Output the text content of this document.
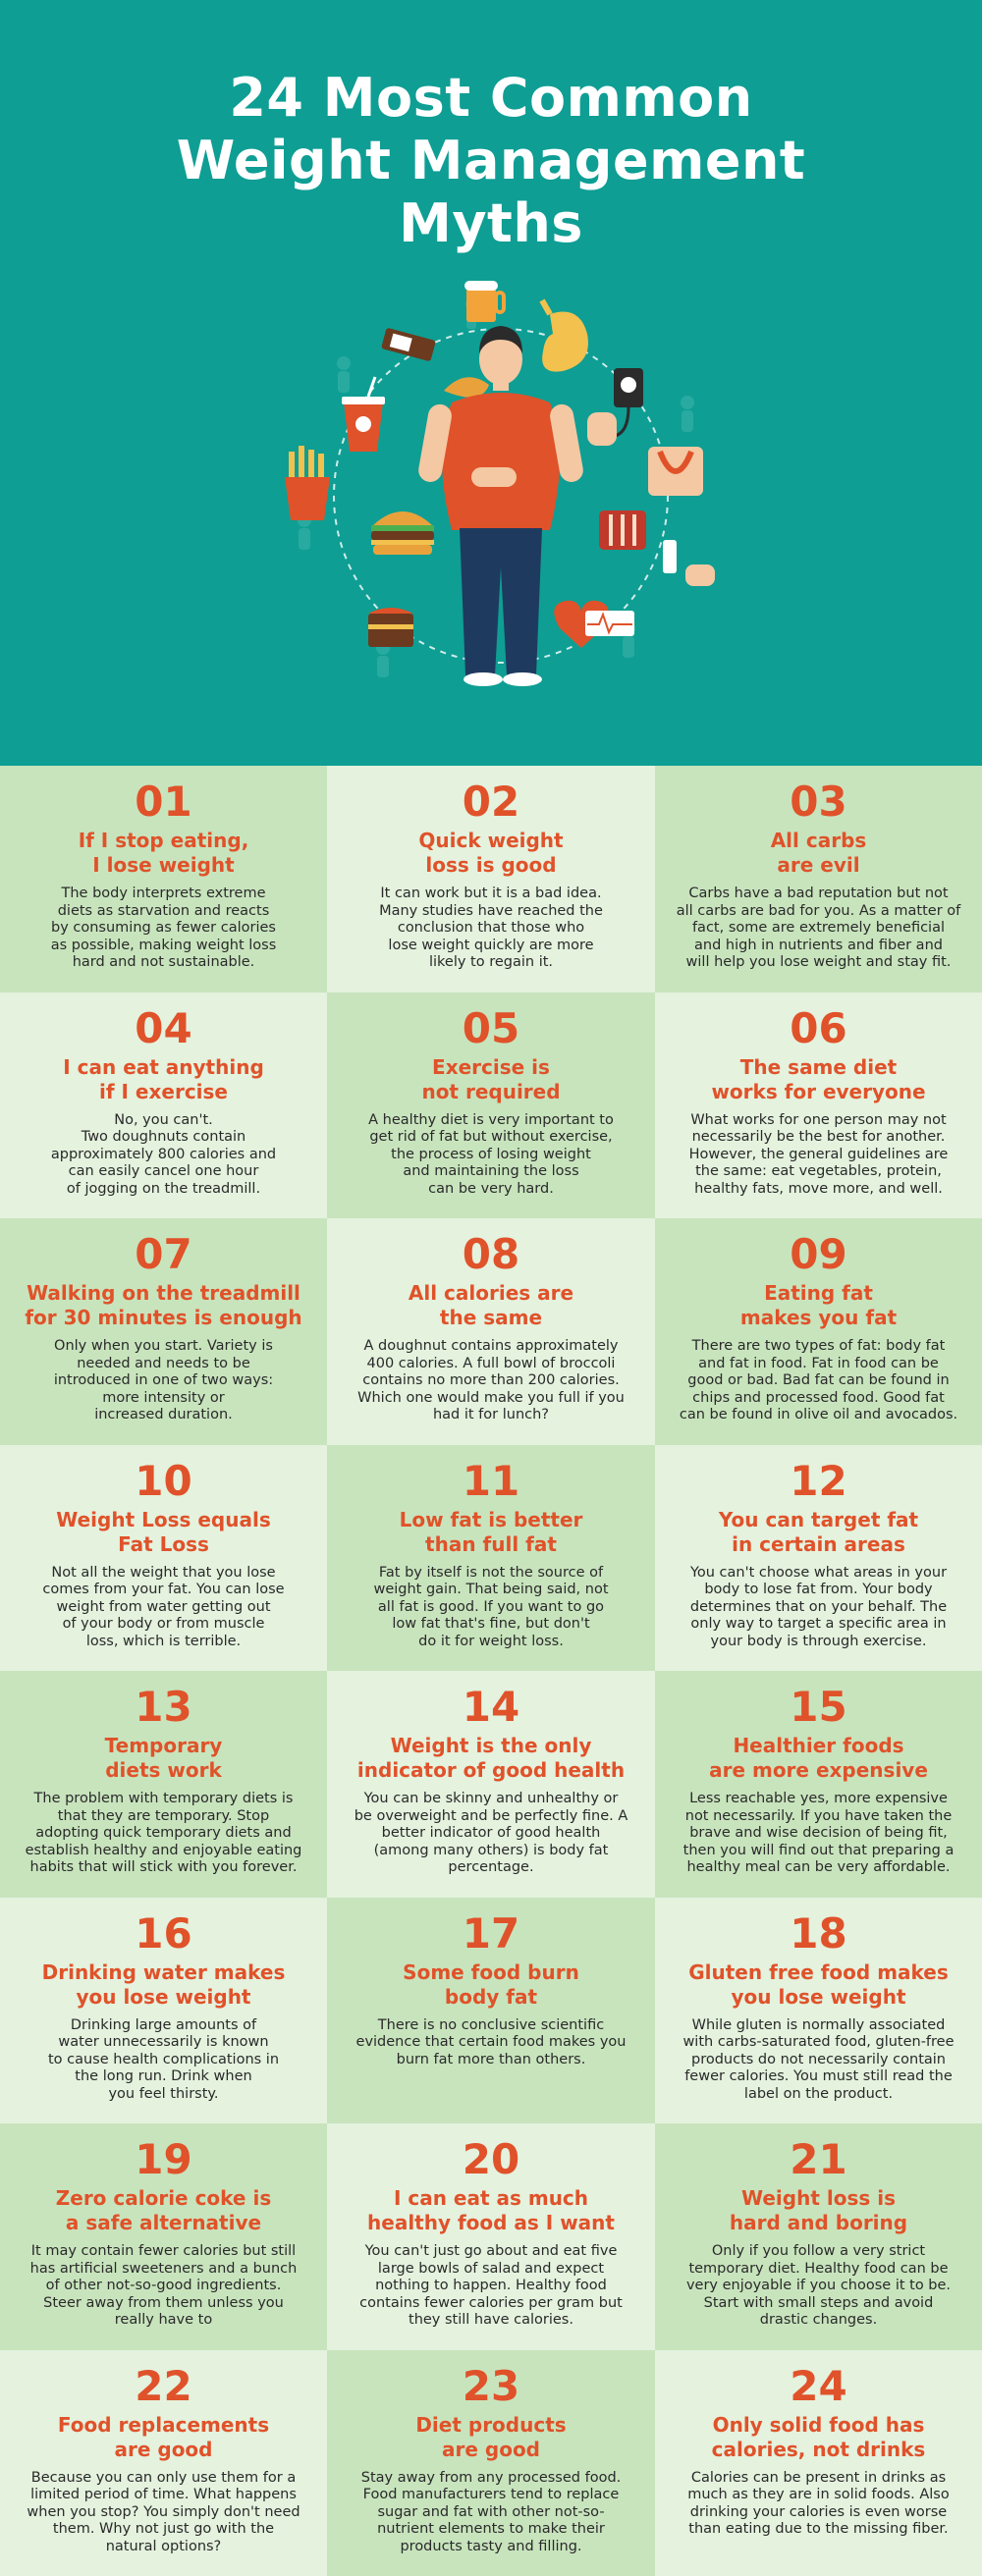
24 Most Common
Weight Management
Myths
01
If I stop eating,
I lose weight
The body interprets extreme
diets as starvation and reacts
by consuming as fewer calories
as possible, making weight loss
hard and not sustainable.
02
Quick weight
loss is good
It can work but it is a bad idea.
Many studies have reached the
conclusion that those who
lose weight quickly are more
likely to regain it.
03
All carbs
are evil
Carbs have a bad reputation but not
all carbs are bad for you. As a matter of
fact, some are extremely beneficial
and high in nutrients and fiber and
will help you lose weight and stay fit.
04
I can eat anything
if I exercise
No, you can't.
Two doughnuts contain
approximately 800 calories and
can easily cancel one hour
of jogging on the treadmill.
05
Exercise is
not required
A healthy diet is very important to
get rid of fat but without exercise,
the process of losing weight
and maintaining the loss
can be very hard.
06
The same diet
works for everyone
What works for one person may not
necessarily be the best for another.
However, the general guidelines are
the same: eat vegetables, protein,
healthy fats, move more, and well.
07
Walking on the treadmill
for 30 minutes is enough
Only when you start. Variety is
needed and needs to be
introduced in one of two ways:
more intensity or
increased duration.
08
All calories are
the same
A doughnut contains approximately
400 calories. A full bowl of broccoli
contains no more than 200 calories.
Which one would make you full if you
had it for lunch?
09
Eating fat
makes you fat
There are two types of fat: body fat
and fat in food. Fat in food can be
good or bad. Bad fat can be found in
chips and processed food. Good fat
can be found in olive oil and avocados.
10
Weight Loss equals
Fat Loss
Not all the weight that you lose
comes from your fat. You can lose
weight from water getting out
of your body or from muscle
loss, which is terrible.
11
Low fat is better
than full fat
Fat by itself is not the source of
weight gain. That being said, not
all fat is good. If you want to go
low fat that's fine, but don't
do it for weight loss.
12
You can target fat
in certain areas
You can't choose what areas in your
body to lose fat from. Your body
determines that on your behalf. The
only way to target a specific area in
your body is through exercise.
13
Temporary
diets work
The problem with temporary diets is
that they are temporary. Stop
adopting quick temporary diets and
establish healthy and enjoyable eating
habits that will stick with you forever.
14
Weight is the only
indicator of good health
You can be skinny and unhealthy or
be overweight and be perfectly fine. A
better indicator of good health
(among many others) is body fat
percentage.
15
Healthier foods
are more expensive
Less reachable yes, more expensive
not necessarily. If you have taken the
brave and wise decision of being fit,
then you will find out that preparing a
healthy meal can be very affordable.
16
Drinking water makes
you lose weight
Drinking large amounts of
water unnecessarily is known
to cause health complications in
the long run. Drink when
you feel thirsty.
17
Some food burn
body fat
There is no conclusive scientific
evidence that certain food makes you
burn fat more than others.
18
Gluten free food makes
you lose weight
While gluten is normally associated
with carbs-saturated food, gluten-free
products do not necessarily contain
fewer calories. You must still read the
label on the product.
19
Zero calorie coke is
a safe alternative
It may contain fewer calories but still
has artificial sweeteners and a bunch
of other not-so-good ingredients.
Steer away from them unless you
really have to
20
I can eat as much
healthy food as I want
You can't just go about and eat five
large bowls of salad and expect
nothing to happen. Healthy food
contains fewer calories per gram but
they still have calories.
21
Weight loss is
hard and boring
Only if you follow a very strict
temporary diet. Healthy food can be
very enjoyable if you choose it to be.
Start with small steps and avoid
drastic changes.
22
Food replacements
are good
Because you can only use them for a
limited period of time. What happens
when you stop? You simply don't need
them. Why not just go with the
natural options?
23
Diet products
are good
Stay away from any processed food.
Food manufacturers tend to replace
sugar and fat with other not-so-
nutrient elements to make their
products tasty and filling.
24
Only solid food has
calories, not drinks
Calories can be present in drinks as
much as they are in solid foods. Also
drinking your calories is even worse
than eating due to the missing fiber.
